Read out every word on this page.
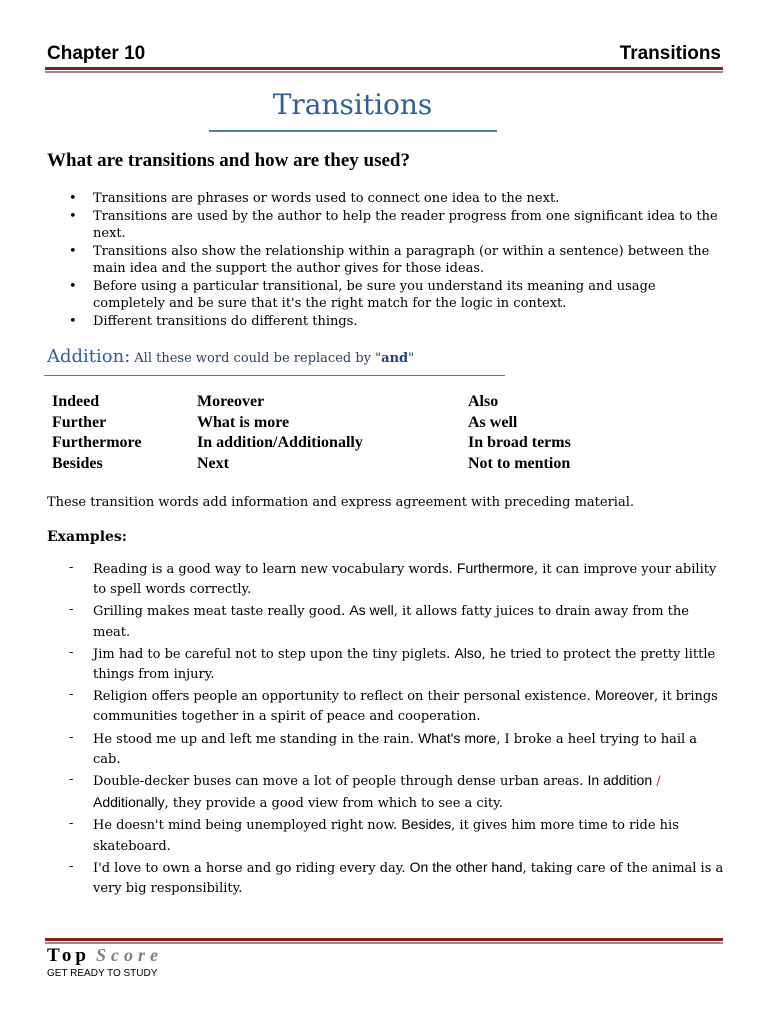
Chapter 10	Transitions
Transitions
What are transitions and how are they used?
• Transitions are phrases or words used to connect one idea to the next.
• Transitions are used by the author to help the reader progress from one significant idea to the next.
• Transitions also show the relationship within a paragraph (or within a sentence) between the main idea and the support the author gives for those ideas.
• Before using a particular transitional, be sure you understand its meaning and usage completely and be sure that it's the right match for the logic in context.
• Different transitions do different things.
Addition: All these word could be replaced by "and"
Indeed	Moreover	Also
Further	What is more	As well
Furthermore	In addition/Additionally	In broad terms
Besides	Next	Not to mention
These transition words add information and express agreement with preceding material.
Examples:
- Reading is a good way to learn new vocabulary words. Furthermore, it can improve your ability to spell words correctly.
- Grilling makes meat taste really good. As well, it allows fatty juices to drain away from the meat.
- Jim had to be careful not to step upon the tiny piglets. Also, he tried to protect the pretty little things from injury.
- Religion offers people an opportunity to reflect on their personal existence. Moreover, it brings communities together in a spirit of peace and cooperation.
- He stood me up and left me standing in the rain. What's more, I broke a heel trying to hail a cab.
- Double-decker buses can move a lot of people through dense urban areas. In addition / Additionally, they provide a good view from which to see a city.
- He doesn't mind being unemployed right now. Besides, it gives him more time to ride his skateboard.
- I'd love to own a horse and go riding every day. On the other hand, taking care of the animal is a very big responsibility.
Top Score
GET READY TO STUDY
